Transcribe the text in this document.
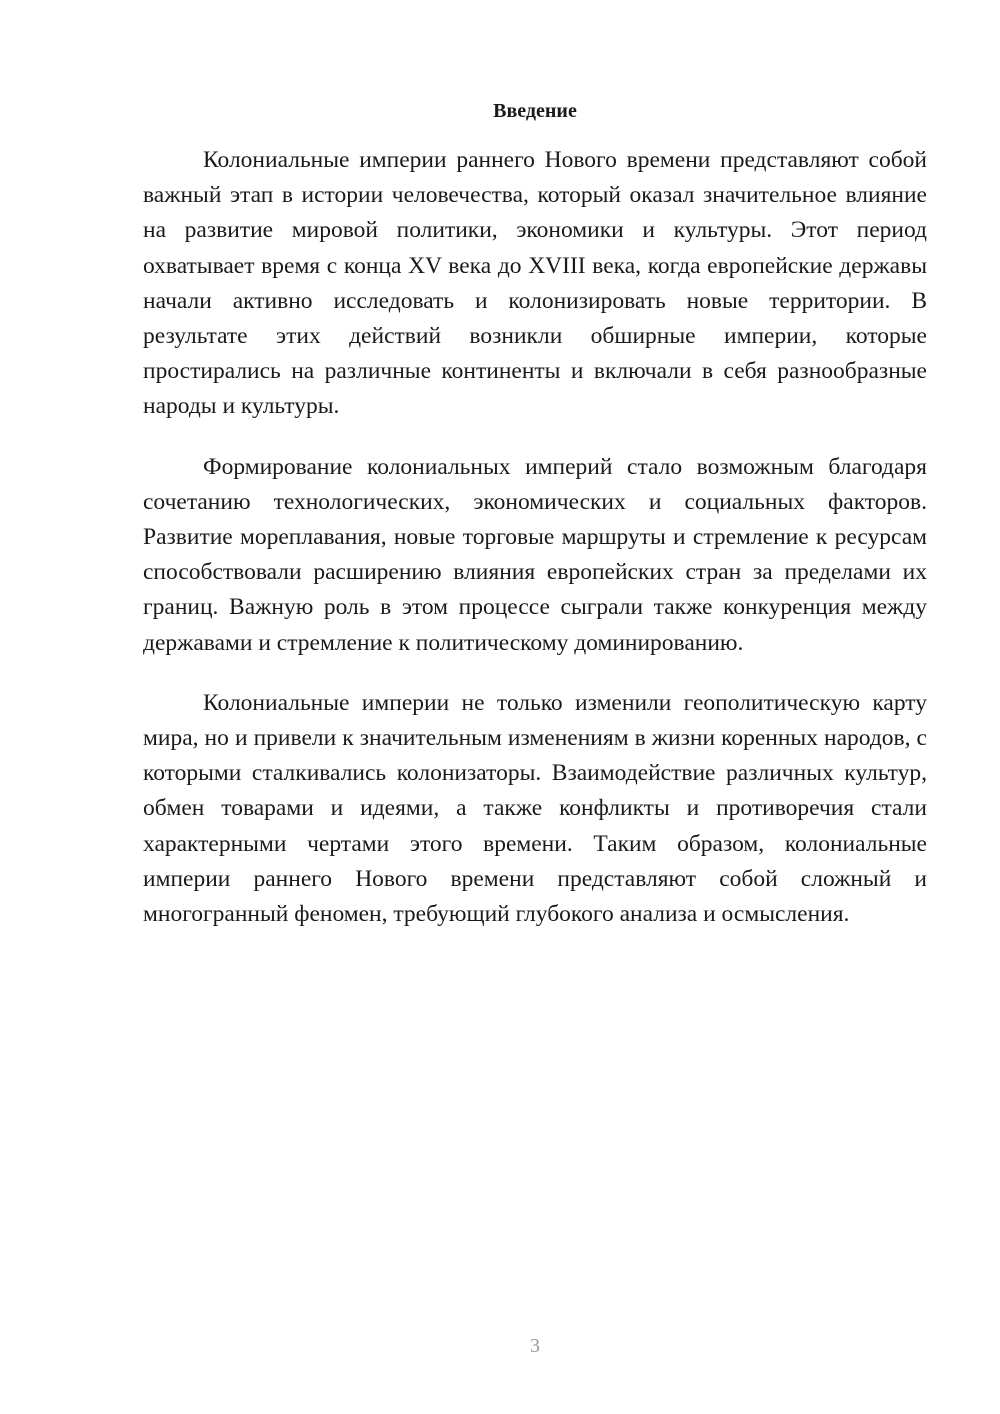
Введение

Колониальные империи раннего Нового времени представляют собой важный этап в истории человечества, который оказал значительное влияние на развитие мировой политики, экономики и культуры. Этот период охватывает время с конца XV века до XVIII века, когда европейские державы начали активно исследовать и колонизировать новые территории. В результате этих действий возникли обширные империи, которые простирались на различные континенты и включали в себя разнообразные народы и культуры.

Формирование колониальных империй стало возможным благодаря сочетанию технологических, экономических и социальных факторов. Развитие мореплавания, новые торговые маршруты и стремление к ресурсам способствовали расширению влияния европейских стран за пределами их границ. Важную роль в этом процессе сыграли также конкуренция между державами и стремление к политическому доминированию.

Колониальные империи не только изменили геополитическую карту мира, но и привели к значительным изменениям в жизни коренных народов, с которыми сталкивались колонизаторы. Взаимодействие различных культур, обмен товарами и идеями, а также конфликты и противоречия стали характерными чертами этого времени. Таким образом, колониальные империи раннего Нового времени представляют собой сложный и многогранный феномен, требующий глубокого анализа и осмысления.

3
